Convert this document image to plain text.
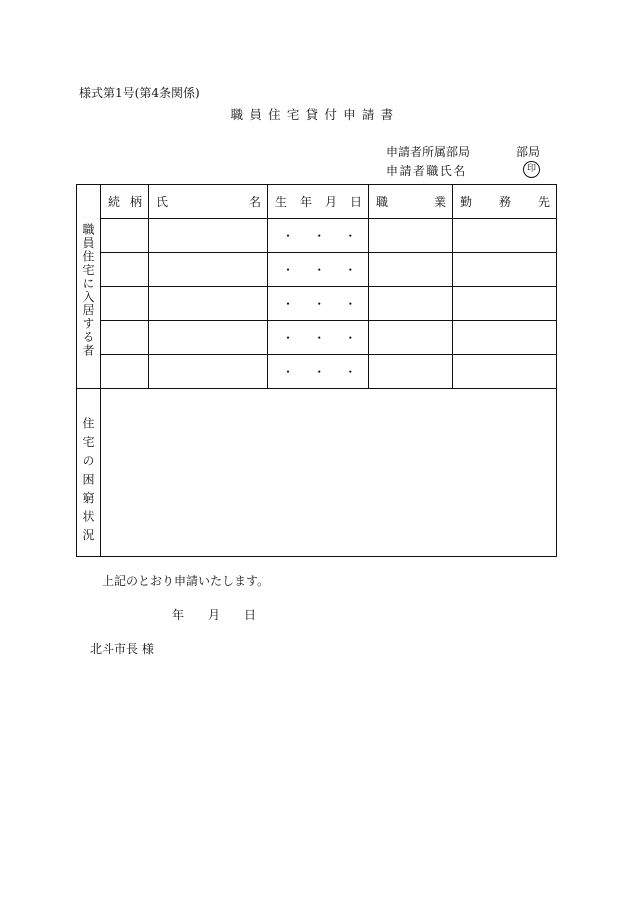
様式第1号(第4条関係)
職員住宅貸付申請書
申請者所属部局	部局
申請者職氏名	印
職員住宅に入居する者	続 柄	氏 名	生 年 月 日	職 業	勤 務 先

			・・・		
			・・・		
			・・・		
			・・・		
			・・・		
住宅の困窮状況					
上記のとおり申請いたします。
年 月 日
北斗市長 様
